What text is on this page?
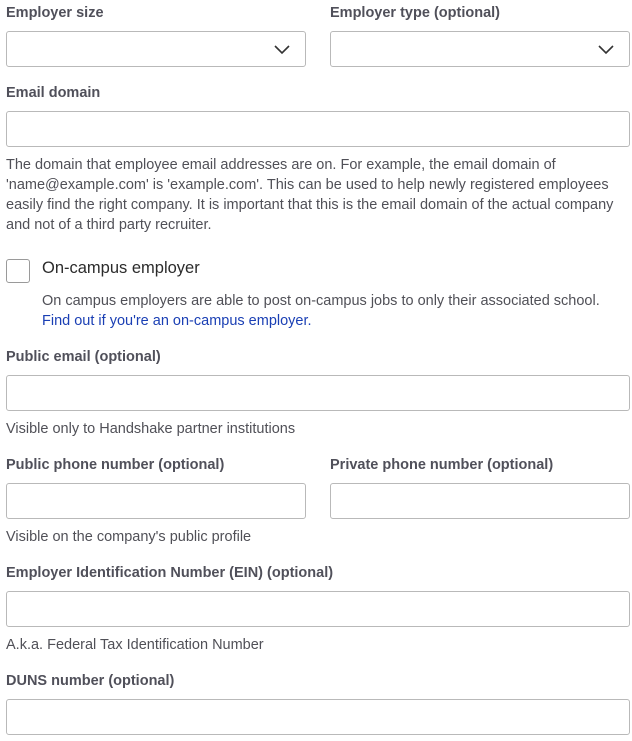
Employer size	Employer type (optional)
Email domain
The domain that employee email addresses are on. For example, the email domain of
'name@example.com' is 'example.com'. This can be used to help newly registered employees
easily find the right company. It is important that this is the email domain of the actual company
and not of a third party recruiter.
On-campus employer
On campus employers are able to post on-campus jobs to only their associated school.
Find out if you're an on-campus employer.
Public email (optional)
Visible only to Handshake partner institutions
Public phone number (optional)
Visible on the company's public profile
Private phone number (optional)
Employer Identification Number (EIN) (optional)
A.k.a. Federal Tax Identification Number
DUNS number (optional)
